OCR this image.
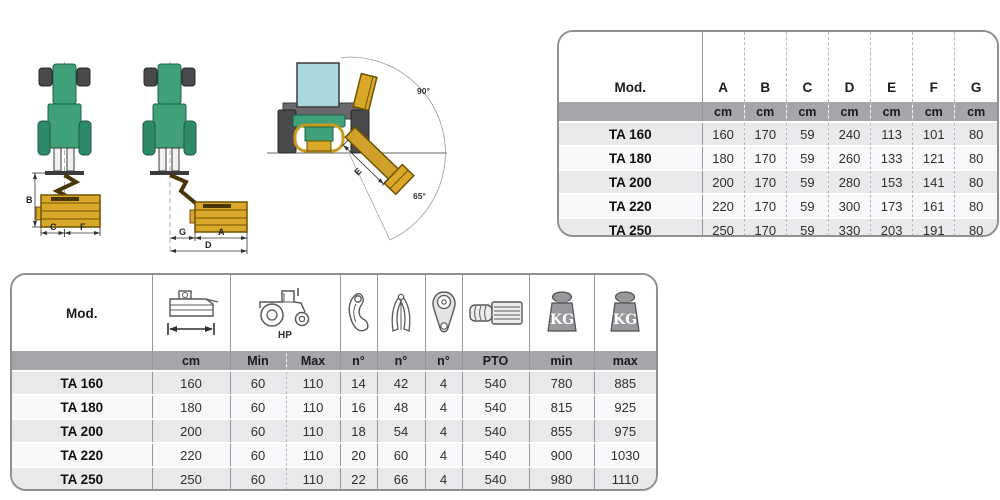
B
C	F	G	A
D
90°
65°
E
Mod.	A	B	C	D	E	F	G
	cm	cm	cm	cm	cm	cm	cm
TA 160	160	170	59	240	113	101	80
TA 180	180	170	59	260	133	121	80
TA 200	200	170	59	280	153	141	80
TA 220	220	170	59	300	173	161	80
TA 250	250	170	59	330	203	191	80
Mod.		HP						KG	KG

	cm	Min	Max	n°	n°	n°	PTO	min	max
TA 160	160	60	110	14	42	4	540	780	885
TA 180	180	60	110	16	48	4	540	815	925
TA 200	200	60	110	18	54	4	540	855	975
TA 220	220	60	110	20	60	4	540	900	1030
TA 250	250	60	110	22	66	4	540	980	1110
